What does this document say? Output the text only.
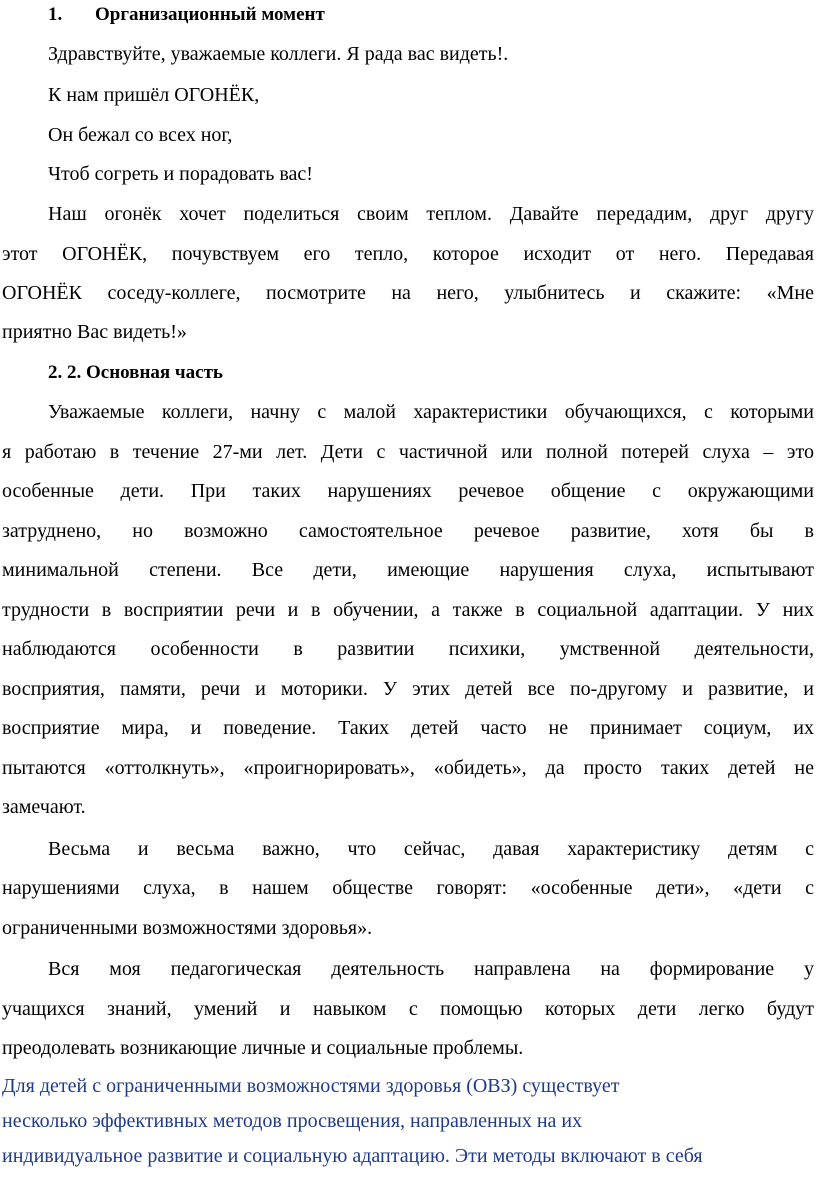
1. Организационный момент
Здравствуйте, уважаемые коллеги. Я рада вас видеть!.
К нам пришёл ОГОНЁК,
Он бежал со всех ног,
Чтоб согреть и порадовать вас!
Наш огонёк хочет поделиться своим теплом. Давайте передадим, друг другу
этот ОГОНЁК, почувствуем его тепло, которое исходит от него. Передавая
ОГОНЁК соседу-коллеге, посмотрите на него, улыбнитесь и скажите: «Мне
приятно Вас видеть!»
2. 2. Основная часть
Уважаемые коллеги, начну с малой характеристики обучающихся, с которыми
я работаю в течение 27-ми лет. Дети с частичной или полной потерей слуха – это
особенные дети. При таких нарушениях речевое общение с окружающими
затруднено, но возможно самостоятельное речевое развитие, хотя бы в
минимальной степени. Все дети, имеющие нарушения слуха, испытывают
трудности в восприятии речи и в обучении, а также в социальной адаптации. У них
наблюдаются особенности в развитии психики, умственной деятельности,
восприятия, памяти, речи и моторики. У этих детей все по-другому и развитие, и
восприятие мира, и поведение. Таких детей часто не принимает социум, их
пытаются «оттолкнуть», «проигнорировать», «обидеть», да просто таких детей не
замечают.
Весьма и весьма важно, что сейчас, давая характеристику детям с
нарушениями слуха, в нашем обществе говорят: «особенные дети», «дети с
ограниченными возможностями здоровья».
Вся моя педагогическая деятельность направлена на формирование у
учащихся знаний, умений и навыком с помощью которых дети легко будут
преодолевать возникающие личные и социальные проблемы.
Для детей с ограниченными возможностями здоровья (ОВЗ) существует
несколько эффективных методов просвещения, направленных на их
индивидуальное развитие и социальную адаптацию. Эти методы включают в себя
